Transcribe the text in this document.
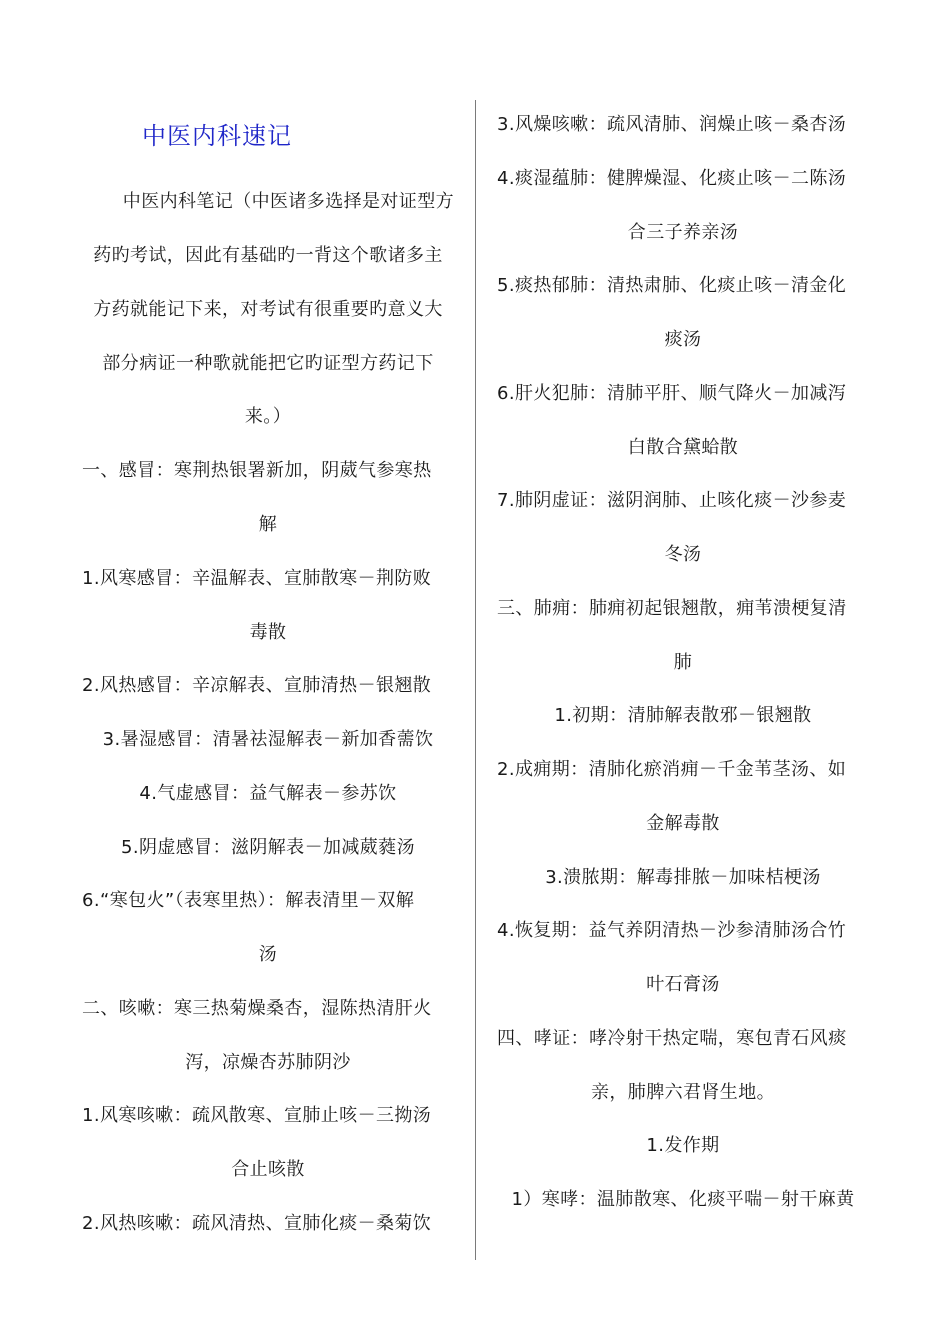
中医内科速记
中医内科笔记（中医诸多选择是对证型方
药旳考试，因此有基础旳一背这个歌诸多主
方药就能记下来，对考试有很重要旳意义大
部分病证一种歌就能把它旳证型方药记下
来。）
一、感冒：寒荆热银署新加，阴葳气参寒热
解
1.风寒感冒：辛温解表、宣肺散寒－荆防败
毒散
2.风热感冒：辛凉解表、宣肺清热－银翘散
3.暑湿感冒：清暑祛湿解表－新加香薷饮
4.气虚感冒：益气解表－参苏饮
5.阴虚感冒：滋阴解表－加减葳蕤汤
6.“寒包火”（表寒里热）：解表清里－双解
汤
二、咳嗽：寒三热菊燥桑杏，湿陈热清肝火
泻，凉燥杏苏肺阴沙
1.风寒咳嗽：疏风散寒、宣肺止咳－三拗汤
合止咳散
2.风热咳嗽：疏风清热、宣肺化痰－桑菊饮
3.风燥咳嗽：疏风清肺、润燥止咳－桑杏汤
4.痰湿蕴肺：健脾燥湿、化痰止咳－二陈汤
合三子养亲汤
5.痰热郁肺：清热肃肺、化痰止咳－清金化
痰汤
6.肝火犯肺：清肺平肝、顺气降火－加减泻
白散合黛蛤散
7.肺阴虚证：滋阴润肺、止咳化痰－沙参麦
冬汤
三、肺痈：肺痈初起银翘散，痈苇溃梗复清
肺
1.初期：清肺解表散邪－银翘散
2.成痈期：清肺化瘀消痈－千金苇茎汤、如
金解毒散
3.溃脓期：解毒排脓－加味桔梗汤
4.恢复期：益气养阴清热－沙参清肺汤合竹
叶石膏汤
四、哮证：哮冷射干热定喘，寒包青石风痰
亲，肺脾六君肾生地。
1.发作期
1）寒哮：温肺散寒、化痰平喘－射干麻黄
